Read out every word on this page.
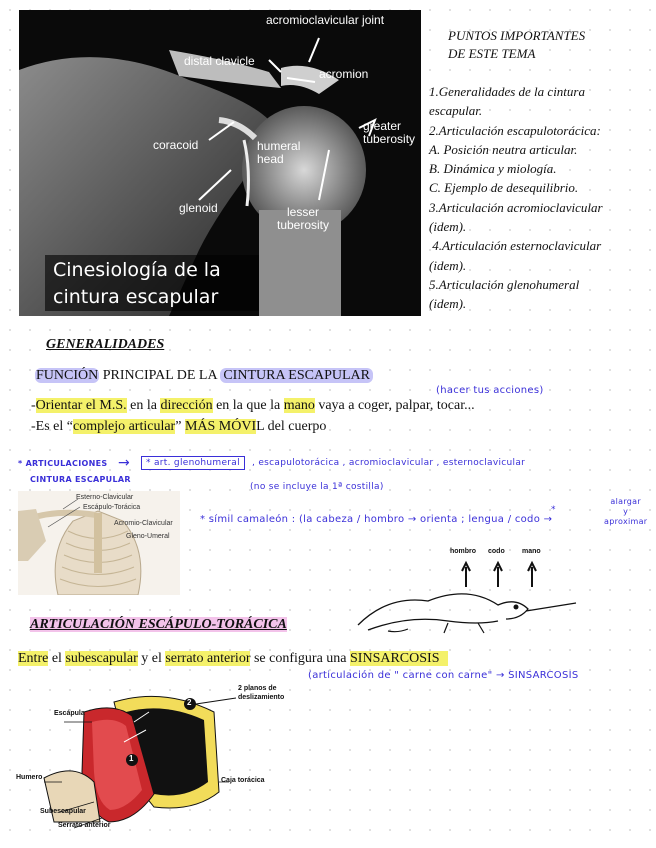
acromioclavicular joint
distal clavicle
acromion
coracoid	humeral head
greater tuberosity
glenoid	lesser tuberosity
Cinesiología de la
cintura escapular
PUNTOS IMPORTANTES
DE ESTE TEMA
1.Generalidades de la cintura
escapular.
2.Articulación escapulotorácica:
A. Posición neutra articular.
B. Dinámica y miología.
C. Ejemplo de desequilibrio.
3.Articulación acromioclavicular
(idem).
4.Articulación esternoclavicular
(idem).
5.Articulación glenohumeral
(idem).
GENERALIDADES
FUNCIÓN PRINCIPAL DE LA CINTURA ESCAPULAR
(hacer tus acciones)
-Orientar el M.S. en la dirección en la que la mano vaya a coger, palpar, tocar...
-Es el “complejo articular” MÁS MÓVIL del cuerpo
* ARTICULACIONES
CINTURA ESCAPULAR
→	* art. glenohumeral	, escapulotorácica , acromioclavicular , esternoclavicular
(no se incluye la 1ª costilla)
Esterno-Clavicular
Escápulo-Torácica
Acromio-Clavicular
Gleno-Umeral
* símil camaleón : (la cabeza / hombro → orienta ; lengua / codo →
*
alargar
y
aproximar
hombro codo mano
ARTICULACIÓN ESCÁPULO-TORÁCICA
Entre el subescapular y el serrato anterior se configura una SINSARCOSIS
(articulación de " carne con carne" → SINSARCOSIS
1
2
2 planos de
deslizamiento
Escápula
Humero	Caja torácica
Subescapular
Serrato anterior
